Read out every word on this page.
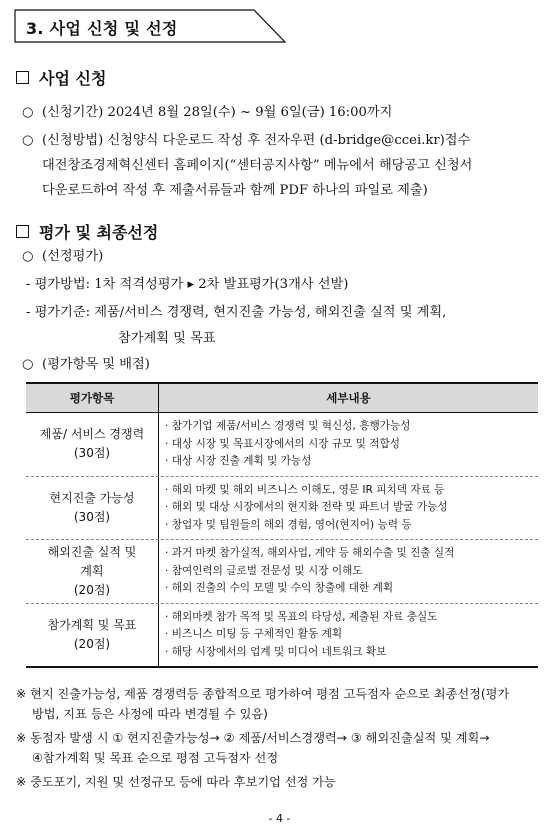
3. 사업 신청 및 선정
사업 신청
○ (신청기간) 2024년 8월 28일(수) ~ 9월 6일(금) 16:00까지
○ (신청방법) 신청양식 다운로드 작성 후 전자우편 (d-bridge@ccei.kr)접수
대전창조경제혁신센터 홈페이지(“센터공지사항” 메뉴에서 해당공고 신청서
다운로드하여 작성 후 제출서류들과 함께 PDF 하나의 파일로 제출)
평가 및 최종선정
○ (선정평가)
- 평가방법: 1차 적격성평가 ▸ 2차 발표평가(3개사 선발)
- 평가기준: 제품/서비스 경쟁력, 현지진출 가능성, 해외진출 실적 및 계획,
참가계획 및 목표
○ (평가항목 및 배점)
평가항목	세부내용
제품/ 서비스 경쟁력
(30점)
· 참가기업 제품/서비스 경쟁력 및 혁신성, 흥행가능성
· 대상 시장 및 목표시장에서의 시장 규모 및 적합성
· 대상 시장 진출 계획 및 가능성
현지진출 가능성
(30점)
· 해외 마켓 및 해외 비즈니스 이해도, 영문 IR 피치덱 자료 등
· 해외 및 대상 시장에서의 현지화 전략 및 파트너 발굴 가능성
· 창업자 및 팀원들의 해외 경험, 영어(현지어) 능력 등
해외진출 실적 및
계획
(20점)
· 과거 마켓 참가실적, 해외사업, 계약 등 해외수출 및 진출 실적
· 참여인력의 글로벌 전문성 및 시장 이해도
· 해외 진출의 수익 모델 및 수익 창출에 대한 계획
참가계획 및 목표
(20점)
· 해외마켓 참가 목적 및 목표의 타당성, 제출된 자료 충실도
· 비즈니스 미팅 등 구체적인 활동 계획
· 해당 시장에서의 업계 및 미디어 네트워크 확보
※ 현지 진출가능성, 제품 경쟁력등 종합적으로 평가하여 평점 고득점자 순으로 최종선정(평가
방법, 지표 등은 사정에 따라 변경될 수 있음)
※ 동점자 발생 시 ① 현지진출가능성→ ② 제품/서비스경쟁력→ ③ 해외진출실적 및 계획→
④참가계획 및 목표 순으로 평점 고득점자 선정
※ 중도포기, 지원 및 선정규모 등에 따라 후보기업 선정 가능
- 4 -
